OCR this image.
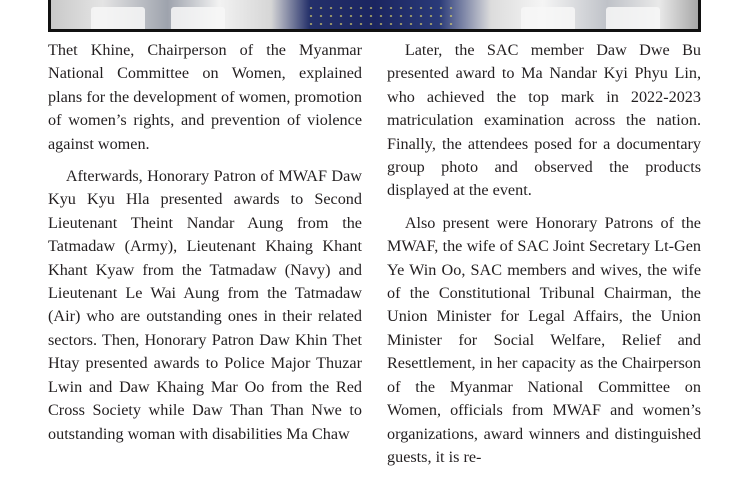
Thet Khine, Chairperson of the Myanmar National Committee on Women, explained plans for the development of women, promotion of women’s rights, and prevention of violence against women.

Afterwards, Honorary Patron of MWAF Daw Kyu Kyu Hla presented awards to Second Lieutenant Theint Nandar Aung from the Tatmadaw (Army), Lieutenant Khaing Khant Khant Kyaw from the Tatmadaw (Navy) and Lieutenant Le Wai Aung from the Tatmadaw (Air) who are outstanding ones in their related sectors. Then, Honorary Patron Daw Khin Thet Htay presented awards to Police Major Thuzar Lwin and Daw Khaing Mar Oo from the Red Cross Society while Daw Than Than Nwe to outstanding woman with disabilities Ma Chaw

Later, the SAC member Daw Dwe Bu presented award to Ma Nandar Kyi Phyu Lin, who achieved the top mark in 2022-2023 matriculation examination across the nation. Finally, the attendees posed for a documentary group photo and observed the products displayed at the event.

Also present were Honorary Patrons of the MWAF, the wife of SAC Joint Secretary Lt-Gen Ye Win Oo, SAC members and wives, the wife of the Constitutional Tribunal Chairman, the Union Minister for Legal Affairs, the Union Minister for Social Welfare, Relief and Resettlement, in her capacity as the Chairperson of the Myanmar National Committee on Women, officials from MWAF and women’s organizations, award winners and distinguished guests, it is re-
